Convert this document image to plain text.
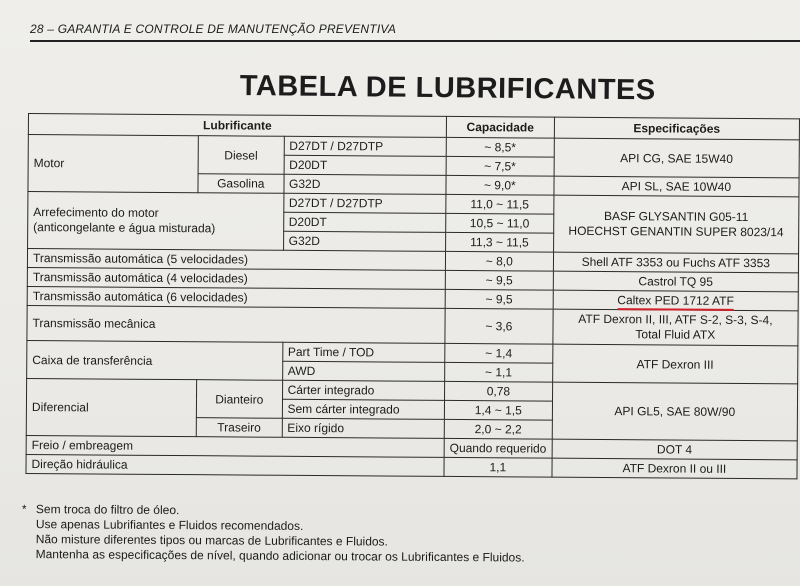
28 – GARANTIA E CONTROLE DE MANUTENÇÃO PREVENTIVA
TABELA DE LUBRIFICANTES
Lubrificante			Capacidade	Especificações
Motor	Diesel	D27DT / D27DTP	~ 8,5*	API CG, SAE 15W40
		D20DT	~ 7,5*	
	Gasolina	G32D	~ 9,0*	API SL, SAE 10W40
Arrefecimento do motor
(anticongelante e água misturada)		D27DT / D27DTP	11,0 ~ 11,5	BASF GLYSANTIN G05-11
HOECHST GENANTIN SUPER 8023/14
		D20DT	10,5 ~ 11,0	
		G32D	11,3 ~ 11,5	
Transmissão automática (5 velocidades)			~ 8,0	Shell ATF 3353 ou Fuchs ATF 3353
Transmissão automática (4 velocidades)			~ 9,5	Castrol TQ 95
Transmissão automática (6 velocidades)			~ 9,5	Caltex PED 1712 ATF
Transmissão mecânica			~ 3,6	ATF Dexron II, III, ATF S-2, S-3, S-4,
Total Fluid ATX
Caixa de transferência		Part Time / TOD	~ 1,4	ATF Dexron III
		AWD	~ 1,1	
Diferencial	Dianteiro	Cárter integrado	0,78	API GL5, SAE 80W/90
		Sem cárter integrado	1,4 ~ 1,5	
	Traseiro	Eixo rígido	2,0 ~ 2,2	
Freio / embreagem			Quando requerido	DOT 4
Direção hidráulica			1,1	ATF Dexron II ou III
* Sem troca do filtro de óleo.
Use apenas Lubrifiantes e Fluidos recomendados.
Não misture diferentes tipos ou marcas de Lubrificantes e Fluidos.
Mantenha as especificações de nível, quando adicionar ou trocar os Lubrificantes e Fluidos.
